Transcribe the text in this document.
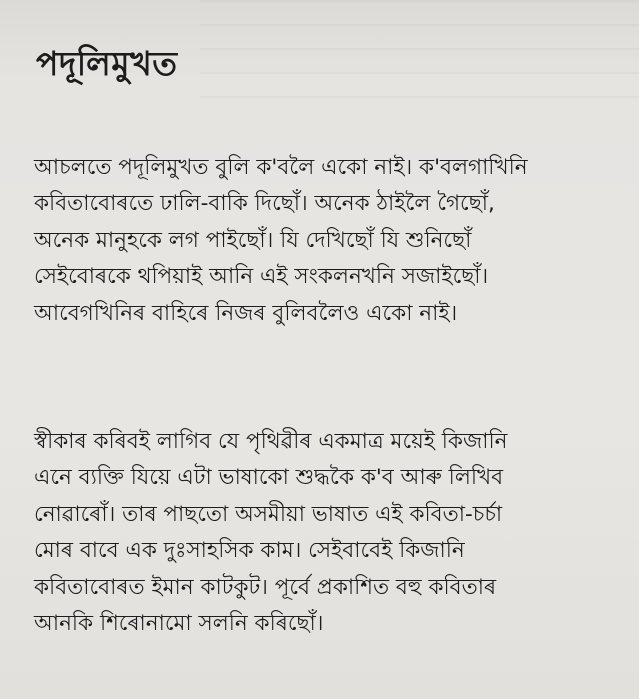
পদূলিমুখত

আচলতে পদূলিমুখত বুলি ক'বলৈ একো নাই। ক'বলগাখিনি
কবিতাবোৰতে ঢালি-বাকি দিছোঁ। অনেক ঠাইলৈ গৈছোঁ,
অনেক মানুহকে লগ পাইছোঁ। যি দেখিছোঁ যি শুনিছোঁ
সেইবোৰকে থপিয়াই আনি এই সংকলনখনি সজাইছোঁ।
আবেগখিনিৰ বাহিৰে নিজৰ বুলিবলৈও একো নাই।

স্বীকাৰ কৰিবই লাগিব যে পৃথিৱীৰ একমাত্ৰ ময়েই কিজানি
এনে ব্যক্তি যিয়ে এটা ভাষাকো শুদ্ধকৈ ক'ব আৰু লিখিব
নোৱাৰোঁ। তাৰ পাছতো অসমীয়া ভাষাত এই কবিতা-চৰ্চা
মোৰ বাবে এক দুঃসাহসিক কাম। সেইবাবেই কিজানি
কবিতাবোৰত ইমান কাটকুট। পূৰ্বে প্ৰকাশিত বহু কবিতাৰ
আনকি শিৰোনামো সলনি কৰিছোঁ।
